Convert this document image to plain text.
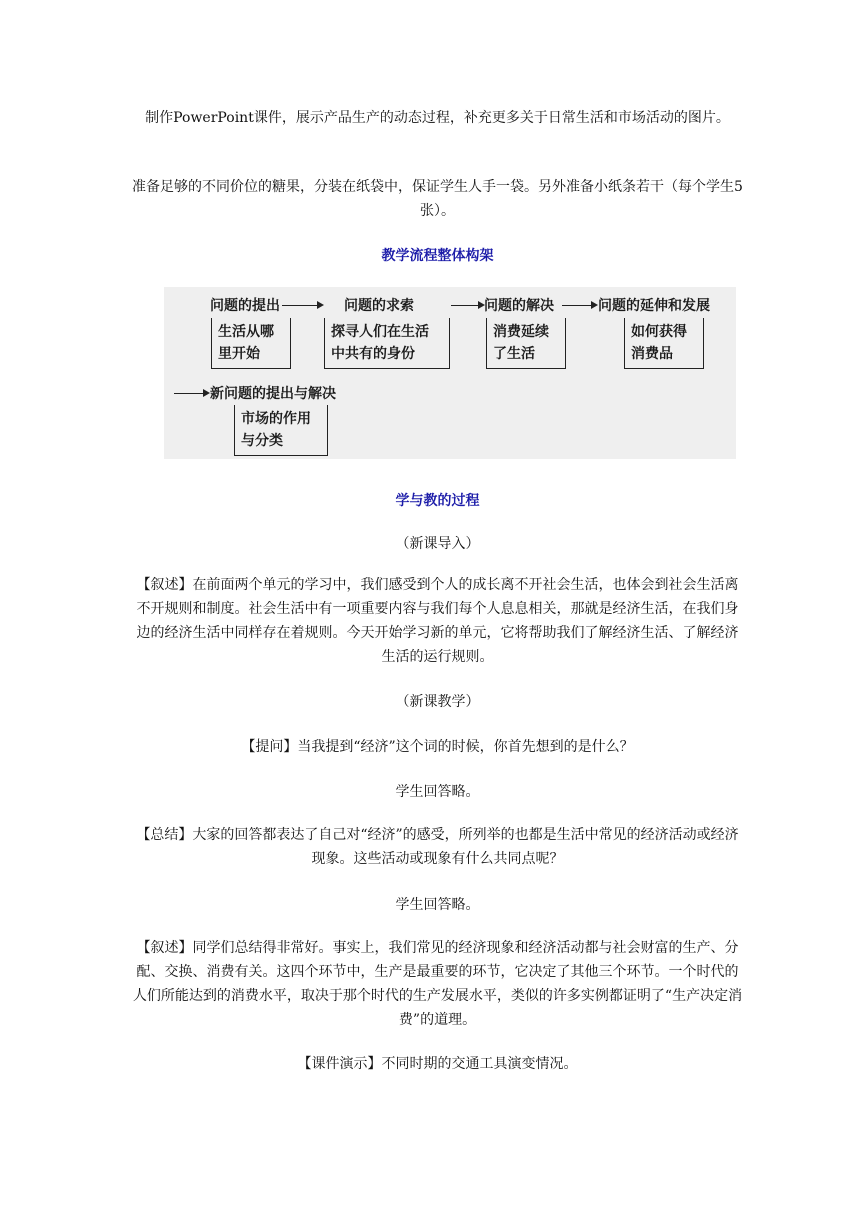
制作PowerPoint课件，展示产品生产的动态过程，补充更多关于日常生活和市场活动的图片。

准备足够的不同价位的糖果，分装在纸袋中，保证学生人手一袋。另外准备小纸条若干（每个学生5张）。

教学流程整体构架

问题的提出	问题的求索	问题的解决	问题的延伸和发展
生活从哪
里开始
探寻人们在生活
中共有的身份
消费延续
了生活
如何获得
消费品
新问题的提出与解决
市场的作用
与分类

学与教的过程

（新课导入）

【叙述】在前面两个单元的学习中，我们感受到个人的成长离不开社会生活，也体会到社会生活离不开规则和制度。社会生活中有一项重要内容与我们每个人息息相关，那就是经济生活，在我们身边的经济生活中同样存在着规则。今天开始学习新的单元，它将帮助我们了解经济生活、了解经济生活的运行规则。

（新课教学）

【提问】当我提到“经济”这个词的时候，你首先想到的是什么？

学生回答略。

【总结】大家的回答都表达了自己对“经济”的感受，所列举的也都是生活中常见的经济活动或经济现象。这些活动或现象有什么共同点呢？

学生回答略。

【叙述】同学们总结得非常好。事实上，我们常见的经济现象和经济活动都与社会财富的生产、分配、交换、消费有关。这四个环节中，生产是最重要的环节，它决定了其他三个环节。一个时代的人们所能达到的消费水平，取决于那个时代的生产发展水平，类似的许多实例都证明了“生产决定消费”的道理。

【课件演示】不同时期的交通工具演变情况。
